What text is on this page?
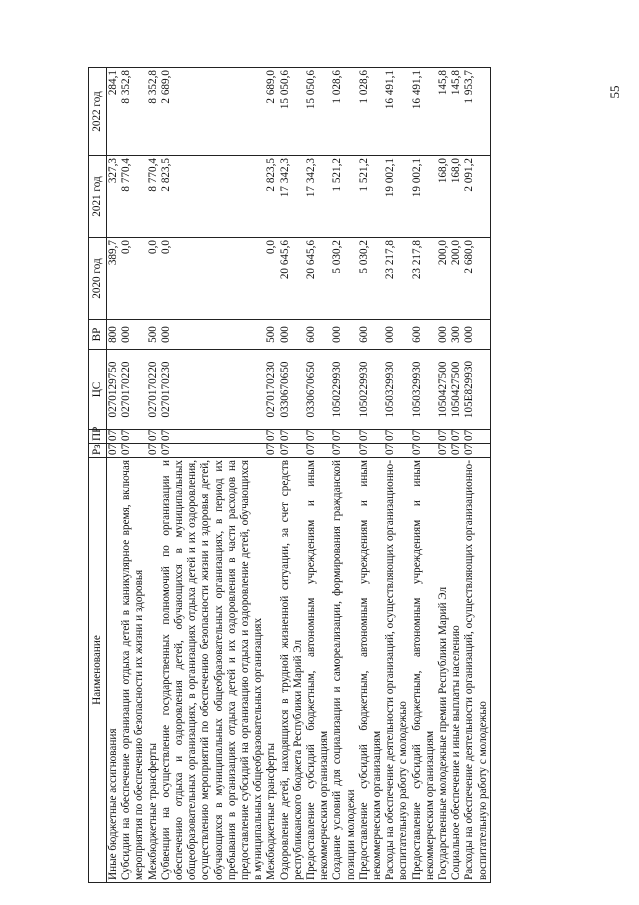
55
Наименование	Рз	ПР	ЦС	ВР	2020 год	2021 год	2022 год
Иные бюджетные ассигнования	07	07	0270129750	800	389,7	327,3	284,1
Субсидии на обеспечение организации отдыха детей в каникулярное время, включая мероприятия по обеспечению безопасности их жизни и здоровья	07	07	0270170220	000	0,0	8 770,4	8 352,8
Межбюджетные трансферты	07	07	0270170220	500	0,0	8 770,4	8 352,8
Субвенции на осуществление государственных полномочий по организации и обеспечению отдыха и оздоровления детей, обучающихся в муниципальных общеобразовательных организациях, в организациях отдыха детей и их оздоровления, осуществлению мероприятий по обеспечению безопасности жизни и здоровья детей, обучающихся в муниципальных общеобразовательных организациях, в период их пребывания в организациях отдыха детей и их оздоровления в части расходов на предоставление субсидий на организацию отдыха и оздоровление детей, обучающихся в муниципальных общеобразовательных организациях	07	07	0270170230	000	0,0	2 823,5	2 689,0
Межбюджетные трансферты	07	07	0270170230	500	0,0	2 823,5	2 689,0
Оздоровление детей, находящихся в трудной жизненной ситуации, за счет средств республиканского бюджета Республики Марий Эл	07	07	0330670650	000	20 645,6	17 342,3	15 050,6
Предоставление субсидий бюджетным, автономным учреждениям и иным некоммерческим организациям	07	07	0330670650	600	20 645,6	17 342,3	15 050,6
Создание условий для социализации и самореализации, формирования гражданской позиции молодежи	07	07	1050229930	000	5 030,2	1 521,2	1 028,6
Предоставление субсидий бюджетным, автономным учреждениям и иным некоммерческим организациям	07	07	1050229930	600	5 030,2	1 521,2	1 028,6
Расходы на обеспечение деятельности организаций, осуществляющих организационно-воспитательную работу с молодежью	07	07	1050329930	000	23 217,8	19 002,1	16 491,1
Предоставление субсидий бюджетным, автономным учреждениям и иным некоммерческим организациям	07	07	1050329930	600	23 217,8	19 002,1	16 491,1
Государственные молодежные премии Республики Марий Эл	07	07	1050427500	000	200,0	168,0	145,8
Социальное обеспечение и иные выплаты населению	07	07	1050427500	300	200,0	168,0	145,8
Расходы на обеспечение деятельности организаций, осуществляющих организационно-воспитательную работу с молодежью	07	07	105Е829930	000	2 680,0	2 091,2	1 953,7
